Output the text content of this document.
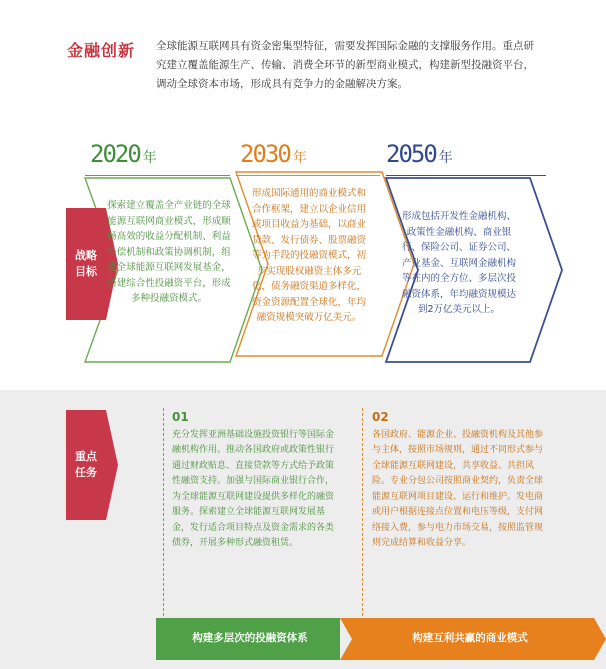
金融创新 全球能源互联网具有资金密集型特征，需要发挥国际金融的支撑服务作用。重点研究建立覆盖能源生产、传输、消费全环节的新型商业模式，构建新型投融资平台，调动全球资本市场，形成具有竞争力的金融解决方案。
2020 年	2030 年	2050 年
战略目标
重点任务
探索建立覆盖全产业链的全球能源互联网商业模式，形成顺畅高效的收益分配机制、利益补偿机制和政策协调机制，组建全球能源互联网发展基金，搭建综合性投融资平台，形成多种投融资模式。
形成国际通用的商业模式和合作框架，建立以企业信用或项目收益为基础，以商业贷款、发行债券、股票融资等为手段的投融资模式，初步实现股权融资主体多元化，债务融资渠道多样化，资金资源配置全球化，年均融资规模突破万亿美元。
形成包括开发性金融机构、政策性金融机构、商业银行、保险公司、证券公司、产业基金、互联网金融机构等在内的全方位、多层次投融资体系，年均融资规模达到2万亿美元以上。
01
充分发挥亚洲基础设施投资银行等国际金融机构作用。推动各国政府或政策性银行通过财政贴息、直接贷款等方式给予政策性融资支持。加强与国际商业银行合作，为全球能源互联网建设提供多样化的融资服务。探索建立全球能源互联网发展基金，发行适合项目特点及资金需求的各类债券，开展多种形式融资租赁。
02
各国政府、能源企业、投融资机构及其他参与主体，按照市场规则，通过不同形式参与全球能源互联网建设，共享收益、共担风险。专业分包公司按照商业契约，负责全球能源互联网项目建设、运行和维护。发电商或用户根据连接点位置和电压等级，支付网络接入费，参与电力市场交易，按照监管规则完成结算和收益分享。
构建多层次的投融资体系	构建互利共赢的商业模式
